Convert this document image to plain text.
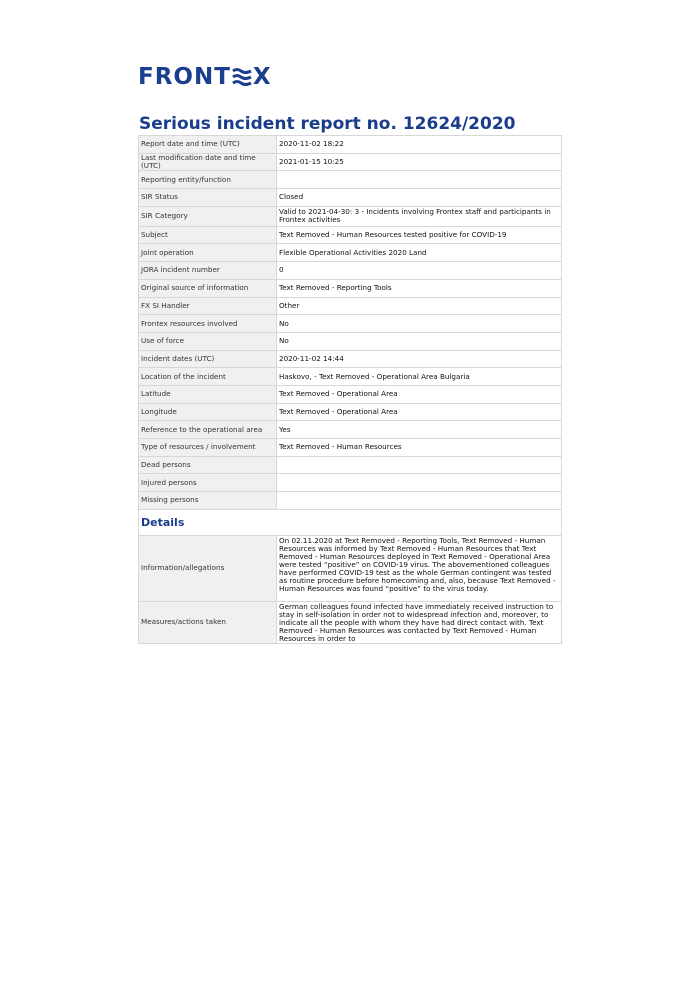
FRONT X
Serious incident report no. 12624/2020
Report date and time (UTC)	2020-11-02 18:22
Last modification date and time (UTC)	2021-01-15 10:25
Reporting entity/function	
SIR Status	Closed
SIR Category	Valid to 2021-04-30: 3 - Incidents involving Frontex staff and participants in Frontex activities
Subject	Text Removed - Human Resources tested positive for COVID-19
Joint operation	Flexible Operational Activities 2020 Land
JORA incident number	0
Original source of information	Text Removed - Reporting Tools
FX SI Handler	Other
Frontex resources involved	No
Use of force	No
Incident dates (UTC)	2020-11-02 14:44
Location of the incident	Haskovo, - Text Removed - Operational Area Bulgaria
Latitude	Text Removed - Operational Area
Longitude	Text Removed - Operational Area
Reference to the operational area	Yes
Type of resources / involvement	Text Removed - Human Resources
Dead persons	
Injured persons	
Missing persons	
Details
Information/allegations	On 02.11.2020 at Text Removed - Reporting Tools, Text Removed - Human Resources was informed by Text Removed - Human Resources that Text Removed - Human Resources deployed in Text Removed - Operational Area were tested “positive” on COVID-19 virus. The abovementioned colleagues have performed COVID-19 test as the whole German contingent was tested as routine procedure before homecoming and, also, because Text Removed - Human Resources was found “positive” to the virus today.
Measures/actions taken	German colleagues found infected have immediately received instruction to stay in self-isolation in order not to widespread infection and, moreover, to indicate all the people with whom they have had direct contact with. Text Removed - Human Resources was contacted by Text Removed - Human Resources in order to
